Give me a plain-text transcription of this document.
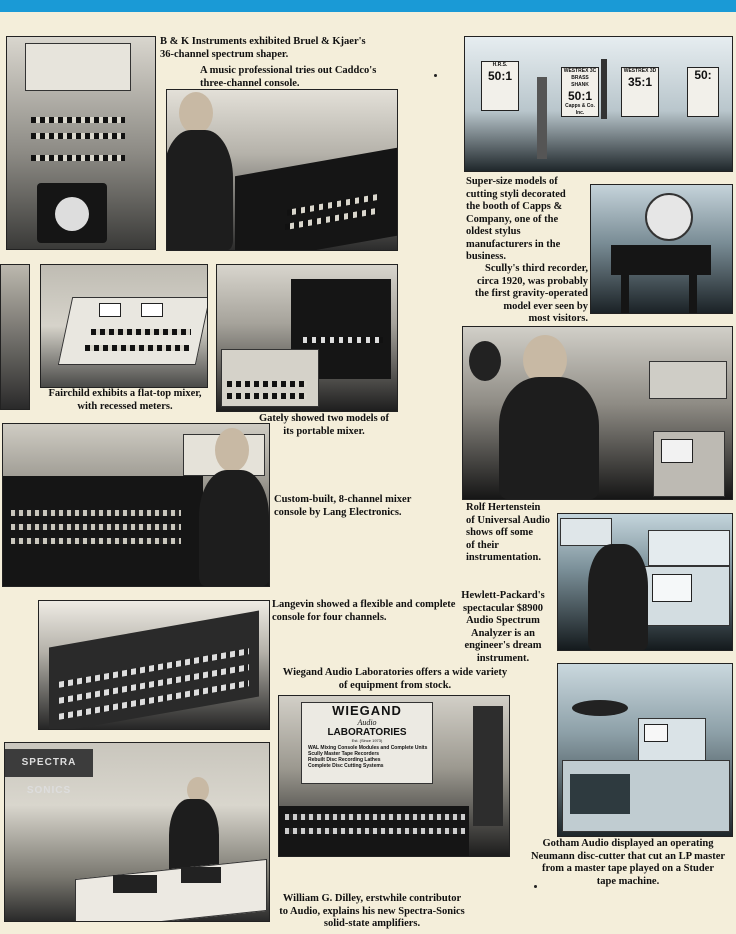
H.R.S.
50:1	WESTREX 3C BRASS SHANK
50:1
Capps & Co. Inc.
WESTREX 3D
35:1	50:
WIEGAND
Audio
LABORATORIES
Est. (Since 1973)
WAL Mixing Console Modules and Complete Units
Scully Master Tape Recorders
Rebuilt Disc Recording Lathes
Complete Disc Cutting Systems
SPECTRA SONICS
B & K Instruments exhibited Bruel & Kjaer's
36-channel spectrum shaper.
A music professional tries out Caddco's
three-channel console.
Super-size models of
cutting styli decorated
the booth of Capps &
Company, one of the
oldest stylus
manufacturers in the
business.
Scully's third recorder,
circa 1920, was probably
the first gravity-operated
model ever seen by
most visitors.
Fairchild exhibits a flat-top mixer,
with recessed meters.
Gately showed two models of
its portable mixer.
Rolf Hertenstein
of Universal Audio
shows off some
of their
instrumentation.
Custom-built, 8-channel mixer
console by Lang Electronics.
Hewlett-Packard's
spectacular $8900
Audio Spectrum
Analyzer is an
engineer's dream
instrument.
Langevin showed a flexible and complete
console for four channels.
Wiegand Audio Laboratories offers a wide variety
of equipment from stock.
Gotham Audio displayed an operating
Neumann disc-cutter that cut an LP master
from a master tape played on a Studer
tape machine.
William G. Dilley, erstwhile contributor
to Audio, explains his new Spectra-Sonics
solid-state amplifiers.
